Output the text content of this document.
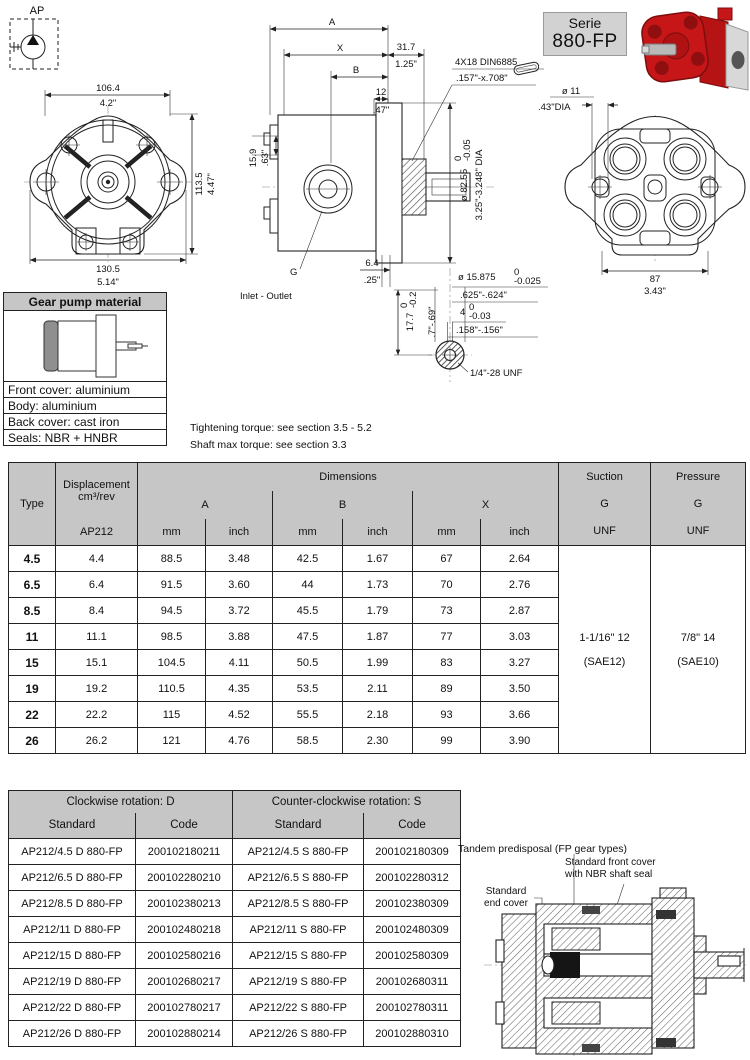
AP
106.4
4.2"
113.5 4.47"
130.5
5.14"
A
X	31.7
1.25"
B
12
.47"
15.9 .63"
6.4
.25"
ø 82.55
0
-0.05 3.25"-3.248" DIA
4X18 DIN6885
.157"-x.708"
G
Inlet - Outlet
Serie
880-FP
ø 11
.43"DIA
87
3.43"
ø 15.875 0
-0.025
.625"-.624"
4 0
-0.03
.158"-.156"
17.7
0
-0.2
.7"-.69"
1/4"-28 UNF
Gear pump material
Front cover: aluminium
Body: aluminium
Back cover: cast iron
Seals: NBR + HNBR
Tightening torque: see section 3.5 - 5.2
Shaft max torque: see section 3.3
Type	
Displacement
cm³/rev
	Dimensions	Suction
G
UNF

Pressure
G
UNF

		A		B		X			
	AP212	mm	inch	mm	inch	mm	inch		
4.5	4.4	88.5	3.48	42.5	1.67	67	2.64	
1-1/16" 12
(SAE12)

7/8" 14
(SAE10)

6.5	6.4	91.5	3.60	44	1.73	70	2.76		
8.5	8.4	94.5	3.72	45.5	1.79	73	2.87		
11	11.1	98.5	3.88	47.5	1.87	77	3.03		
15	15.1	104.5	4.11	50.5	1.99	83	3.27		
19	19.2	110.5	4.35	53.5	2.11	89	3.50		
22	22.2	115	4.52	55.5	2.18	93	3.66		
26	26.2	121	4.76	58.5	2.30	99	3.90		
Clockwise rotation: D		Counter-clockwise rotation: S	
Standard	Code	Standard	Code
AP212/4.5 D 880-FP	200102180211	AP212/4.5 S 880-FP	200102180309
AP212/6.5 D 880-FP	200102280210	AP212/6.5 S 880-FP	200102280312
AP212/8.5 D 880-FP	200102380213	AP212/8.5 S 880-FP	200102380309
AP212/11 D 880-FP	200102480218	AP212/11 S 880-FP	200102480309
AP212/15 D 880-FP	200102580216	AP212/15 S 880-FP	200102580309
AP212/19 D 880-FP	200102680217	AP212/19 S 880-FP	200102680311
AP212/22 D 880-FP	200102780217	AP212/22 S 880-FP	200102780311
AP212/26 D 880-FP	200102880214	AP212/26 S 880-FP	200102880310
Tandem predisposal (FP gear types)
Standard front cover
with NBR shaft seal
Standard
end cover
